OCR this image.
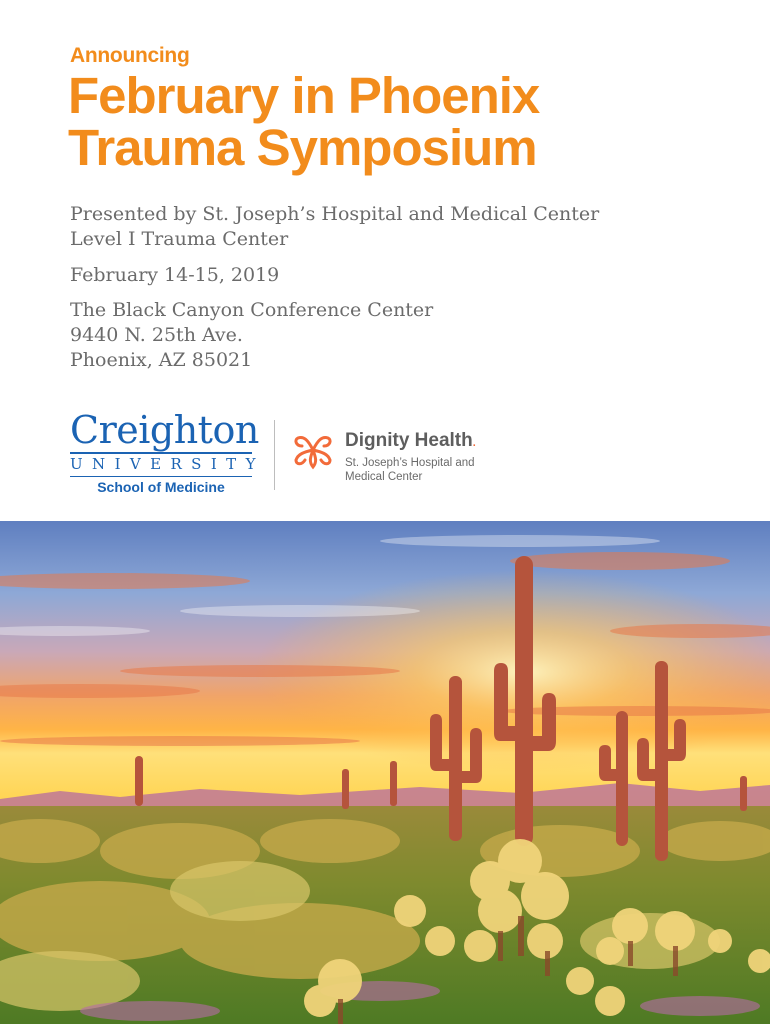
Announcing
February in Phoenix
Trauma Symposium
Presented by St. Joseph’s Hospital and Medical Center
Level I Trauma Center
February 14-15, 2019
The Black Canyon Conference Center
9440 N. 25th Ave.
Phoenix, AZ 85021
Creighton
UNIVERSITY
School of Medicine
Dignity Health.
St. Joseph’s Hospital and
Medical Center
